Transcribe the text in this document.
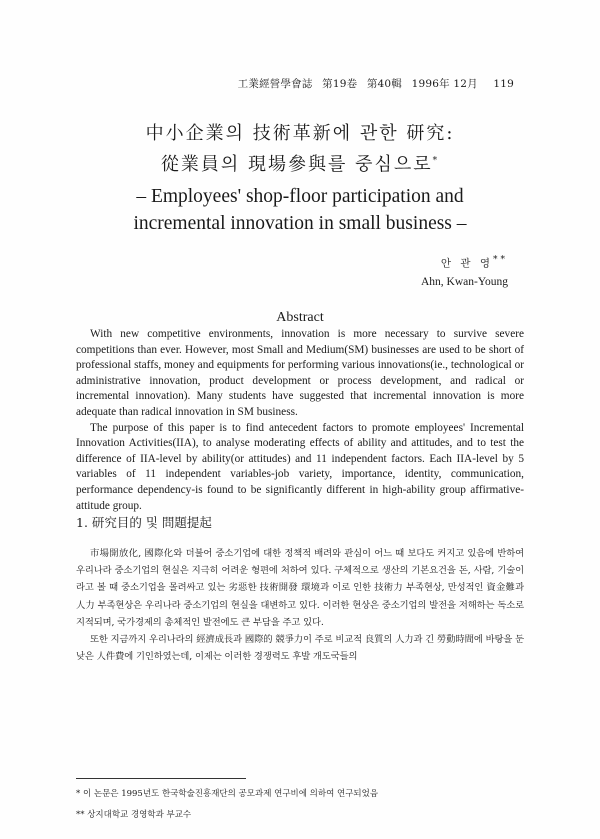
工業經營學會誌 第19卷 第40輯 1996年 12月 119
中小企業의 技術革新에 관한 研究:
從業員의 現場參與를 중심으로*
– Employees' shop-floor participation and
incremental innovation in small business –
안 관 영**
Ahn, Kwan-Young
Abstract

With new competitive environments, innovation is more necessary to survive severe competitions than ever. However, most Small and Medium(SM) businesses are used to be short of professional staffs, money and equipments for performing various innovations(ie., technological or administrative innovation, product development or process development, and radical or incremental innovation). Many students have suggested that incremental innovation is more adequate than radical innovation in SM business.

The purpose of this paper is to find antecedent factors to promote employees' Incremental Innovation Activities(IIA), to analyse moderating effects of ability and attitudes, and to test the difference of IIA-level by ability(or attitudes) and 11 independent factors. Each IIA-level by 5 variables of 11 independent variables-job variety, importance, identity, communication, performance dependency-is found to be significantly different in high-ability group affirmative-attitude group.

1. 研究目的 및 問題提起

市場開放化, 國際化와 더불어 중소기업에 대한 정책적 배려와 관심이 어느 때 보다도 커지고 있음에 반하여 우리나라 중소기업의 현실은 지극히 어려운 형편에 처하여 있다. 구체적으로 생산의 기본요건을 돈, 사람, 기술이라고 볼 때 중소기업을 몰려싸고 있는 劣惡한 技術開發 環境과 이로 인한 技術力 부족현상, 만성적인 資金難과 人力 부족현상은 우리나라 중소기업의 현실을 대변하고 있다. 이러한 현상은 중소기업의 발전을 저해하는 독소로 지적되며, 국가경제의 총체적인 발전에도 큰 부담을 주고 있다.

또한 지금까지 우리나라의 經濟成長과 國際的 競爭力이 주로 비교적 良質의 人力과 긴 勞動時間에 바탕을 둔 낮은 人件費에 기인하였는데, 이제는 이러한 경쟁력도 후발 개도국들의

* 이 논문은 1995년도 한국학술진흥재단의 공모과제 연구비에 의하여 연구되었음
** 상지대학교 경영학과 부교수
